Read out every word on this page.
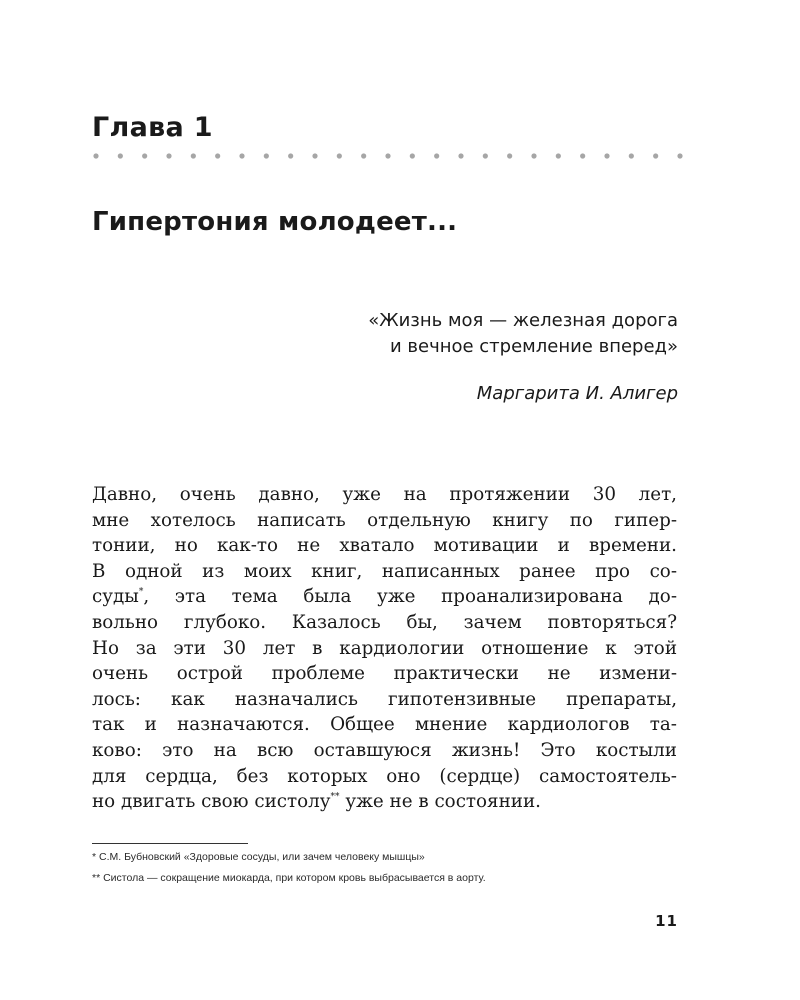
Глава 1
Гипертония молодеет...
«Жизнь моя — железная дорога
и вечное стремление вперед»
Маргарита И. Алигер
Давно, очень давно, уже на протяжении 30 лет,
мне хотелось написать отдельную книгу по гипер-
тонии, но как-то не хватало мотивации и времени.
В одной из моих книг, написанных ранее про со-
суды*, эта тема была уже проанализирована до-
вольно глубоко. Казалось бы, зачем повторяться?
Но за эти 30 лет в кардиологии отношение к этой
очень острой проблеме практически не измени-
лось: как назначались гипотензивные препараты,
так и назначаются. Общее мнение кардиологов та-
ково: это на всю оставшуюся жизнь! Это костыли
для сердца, без которых оно (сердце) самостоятель-
но двигать свою систолу** уже не в состоянии.
* С.М. Бубновский «Здоровые сосуды, или зачем человеку мышцы»
** Систола — сокращение миокарда, при котором кровь выбрасывается в аорту.
11
